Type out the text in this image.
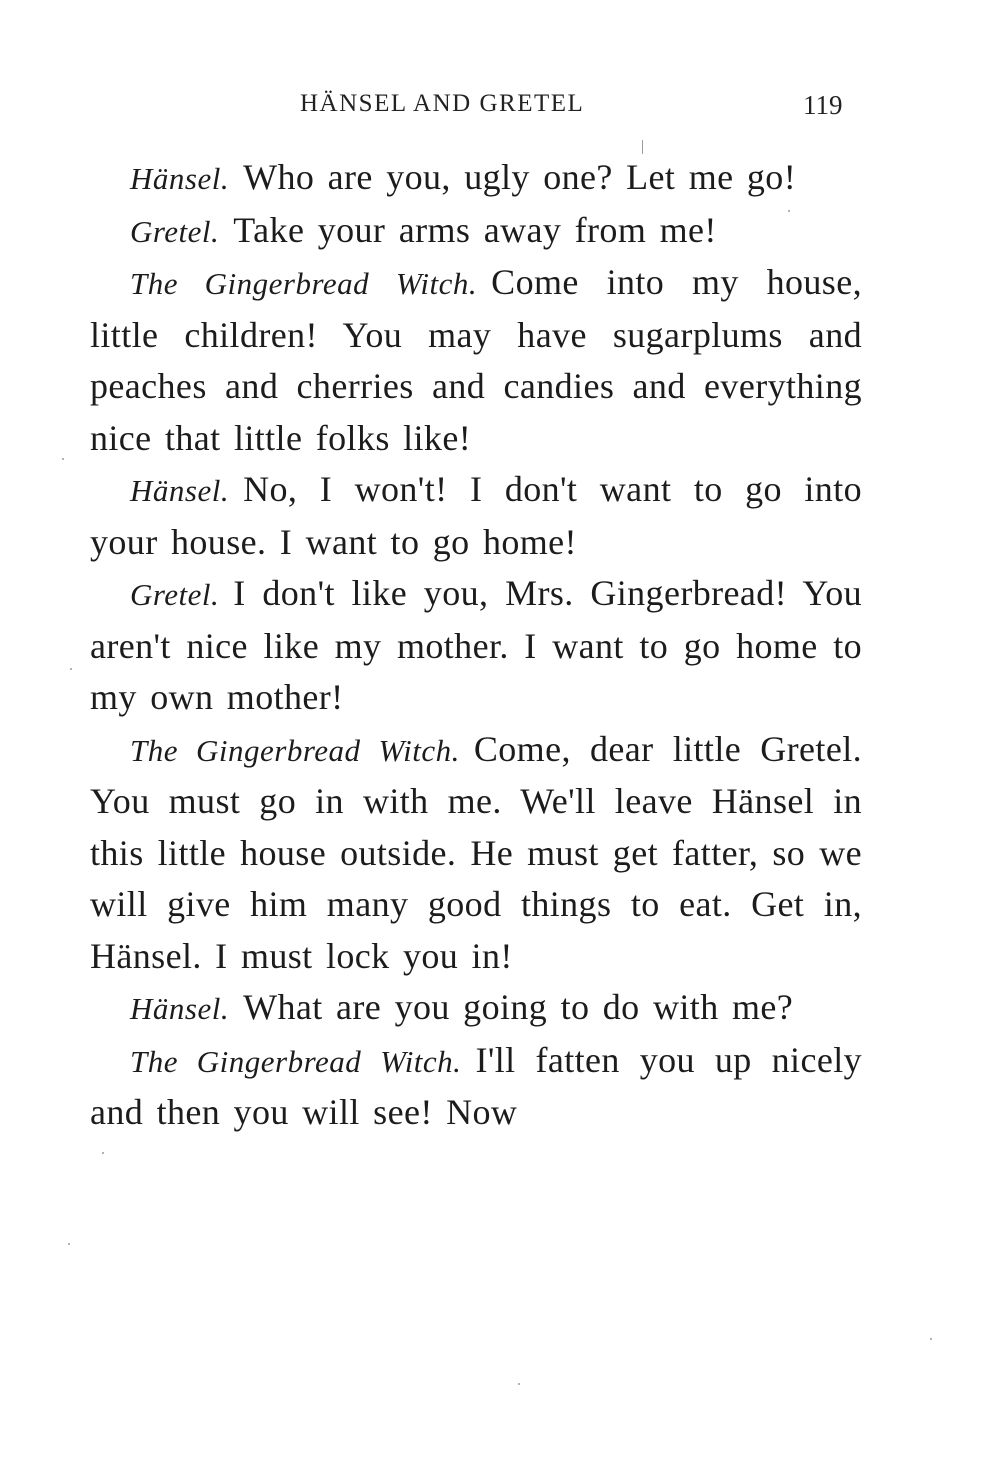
HÄNSEL AND GRETEL	119

Hänsel. Who are you, ugly one? Let me go!

Gretel. Take your arms away from me!

The Gingerbread Witch. Come into my house, little children! You may have sugarplums and peaches and cherries and candies and everything nice that little folks like!

Hänsel. No, I won't! I don't want to go into your house. I want to go home!

Gretel. I don't like you, Mrs. Gingerbread! You aren't nice like my mother. I want to go home to my own mother!

The Gingerbread Witch. Come, dear little Gretel. You must go in with me. We'll leave Hänsel in this little house outside. He must get fatter, so we will give him many good things to eat. Get in, Hänsel. I must lock you in!

Hänsel. What are you going to do with me?

The Gingerbread Witch. I'll fatten you up nicely and then you will see! Now
